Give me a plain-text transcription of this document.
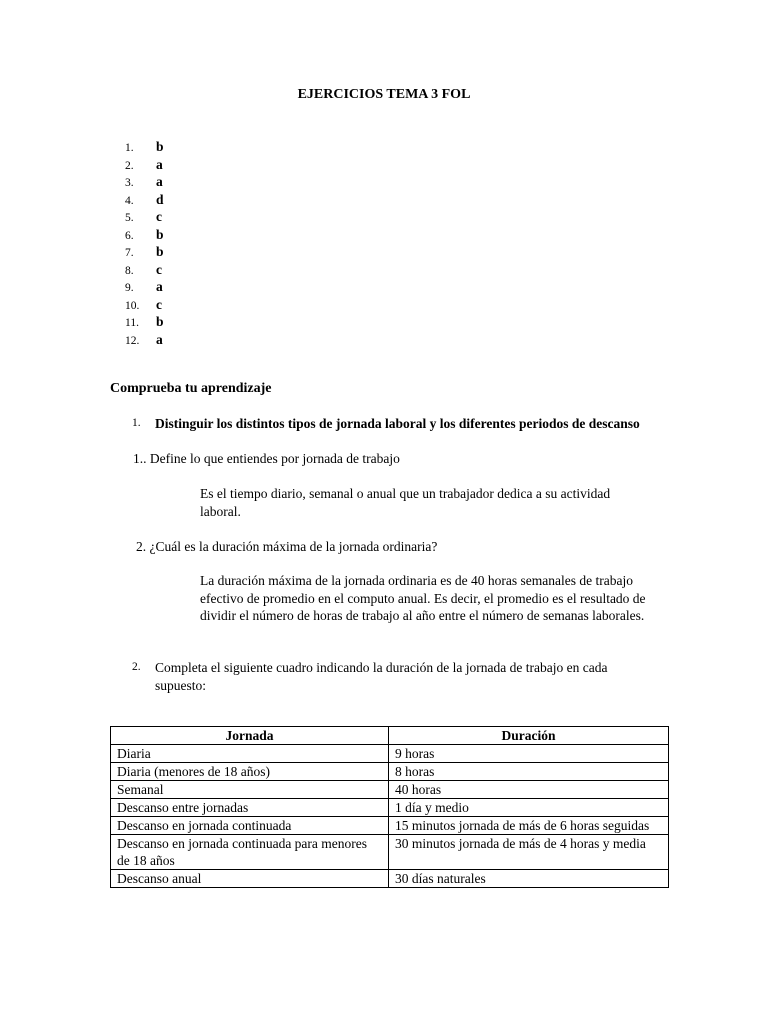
EJERCICIOS TEMA 3 FOL
1. b
2. a
3. a
4. d
5. c
6. b
7. b
8. c
9. a
10. c
11. b
12. a
Comprueba tu aprendizaje
1. Distinguir los distintos tipos de jornada laboral y los diferentes periodos de descanso
1.. Define lo que entiendes por jornada de trabajo
Es el tiempo diario, semanal o anual que un trabajador dedica a su actividad laboral.
2. ¿Cuál es la duración máxima de la jornada ordinaria?
La duración máxima de la jornada ordinaria es de 40 horas semanales de trabajo efectivo de promedio en el computo anual. Es decir, el promedio es el resultado de dividir el número de horas de trabajo al año entre el número de semanas laborales.
2. Completa el siguiente cuadro indicando la duración de la jornada de trabajo en cada supuesto:
Jornada	Duración
Diaria	9 horas
Diaria (menores de 18 años)	8 horas
Semanal	40 horas
Descanso entre jornadas	1 día y medio
Descanso en jornada continuada	15 minutos jornada de más de 6 horas seguidas
Descanso en jornada continuada para menores de 18 años	30 minutos jornada de más de 4 horas y media
Descanso anual	30 días naturales
